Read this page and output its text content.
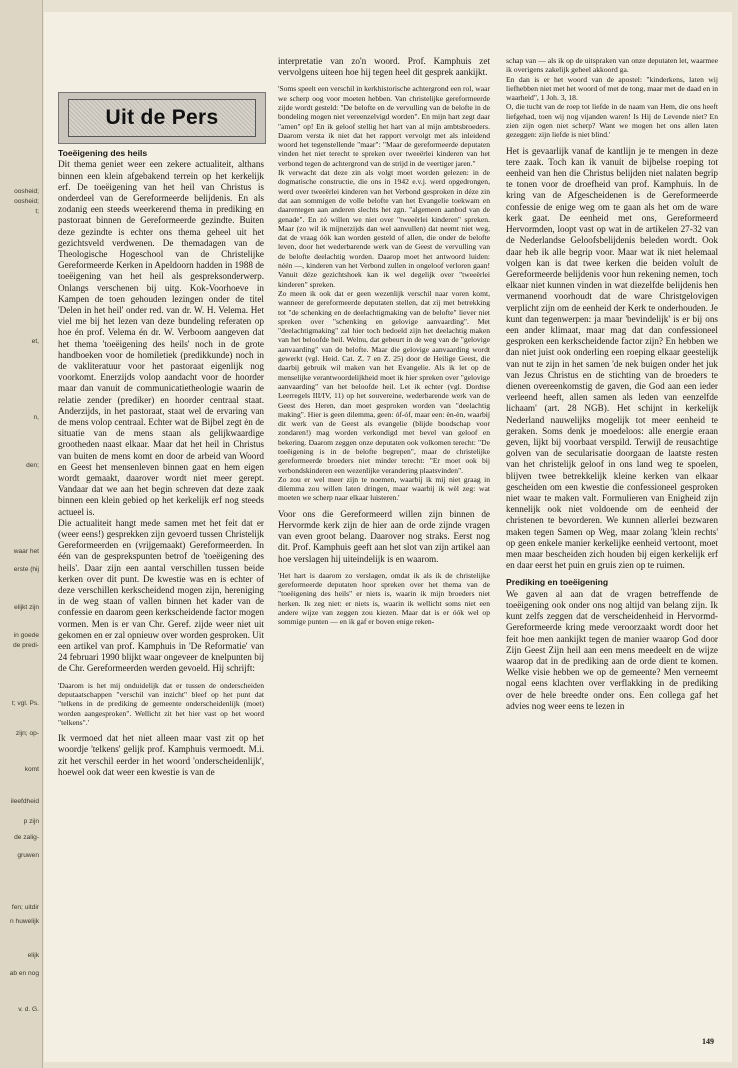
oosheid;
oosheid;
t;
et,
n,
den;
waar het
erste (hij
elijkt zijn
in goede
de predi-
t; vgl. Ps.
zijn; op-
komt
ileefdheid
p zijn
de zalig-
gruwen
fen; uitdir
n huwelijk
elijk
ab en nog
v. d. G.
Uit de Pers
Toeëigening des heils

Dit thema geniet weer een zekere actualiteit, althans binnen een klein afgebakend terrein op het kerkelijk erf. De toeëigening van het heil van Christus is onderdeel van de Gereformeerde belijdenis. En als zodanig een steeds weerkerend thema in prediking en pastoraat binnen de Gereformeerde gezindte. Buiten deze gezindte is echter ons thema geheel uit het gezichtsveld verdwenen. De themadagen van de Theologische Hogeschool van de Christelijke Gereformeerde Kerken in Apeldoorn hadden in 1988 de toeëigening van het heil als gespreksonderwerp. Onlangs verschenen bij uitg. Kok-Voorhoeve in Kampen de toen gehouden lezingen onder de titel 'Delen in het heil' onder red. van dr. W. H. Velema. Het viel me bij het lezen van deze bundeling referaten op hoe én prof. Velema én dr. W. Verboom aangeven dat het thema 'toeëigening des heils' noch in de grote handboeken voor de homiletiek (predikkunde) noch in de vakliteratuur voor het pastoraat eigenlijk nog voorkomt. Enerzijds volop aandacht voor de hoorder maar dan vanuit de communicatietheologie waarin de relatie zender (prediker) en hoorder centraal staat. Anderzijds, in het pastoraat, staat wel de ervaring van de mens volop centraal. Echter wat de Bijbel zegt èn de situatie van de mens staan als gelijkwaardige grootheden naast elkaar. Maar dat het heil in Christus van buiten de mens komt en door de arbeid van Woord en Geest het mensenleven binnen gaat en hem eigen wordt gemaakt, daarover wordt niet meer gerept. Vandaar dat we aan het begin schreven dat deze zaak binnen een klein gebied op het kerkelijk erf nog steeds actueel is.

Die actualiteit hangt mede samen met het feit dat er (weer eens!) gesprekken zijn gevoerd tussen Christelijk Gereformeerden en (vrijgemaakt) Gereformeerden. In één van de gesprekspunten betrof de 'toeëigening des heils'. Daar zijn een aantal verschillen tussen beide kerken over dit punt. De kwestie was en is echter of deze verschillen kerkscheidend mogen zijn, hereniging in de weg staan of vallen binnen het kader van de confessie en daarom geen kerkscheidende factor mogen vormen. Men is er van Chr. Geref. zijde weer niet uit gekomen en er zal opnieuw over worden gesproken. Uit een artikel van prof. Kamphuis in 'De Reformatie' van 24 februari 1990 blijkt waar ongeveer de knelpunten bij de Chr. Gereformeerden werden gevoeld. Hij schrijft:

'Daarom is het mij onduidelijk dat er tussen de onderscheiden deputaatschappen "verschil van inzicht" bleef op het punt dat "telkens in de prediking de gemeente onderscheidenlijk (moet) worden aangesproken". Wellicht zit het hier vast op het woord "telkens".'

Ik vermoed dat het niet alleen maar vast zit op het woordje 'telkens' gelijk prof. Kamphuis vermoedt. M.i. zit het verschil eerder in het woord 'onderscheidenlijk', hoewel ook dat weer een kwestie is van de

interpretatie van zo'n woord. Prof. Kamphuis zet vervolgens uiteen hoe hij tegen heel dit gesprek aankijkt.

'Soms speelt een verschil in kerkhistorische achtergrond een rol, waar we scherp oog voor moeten hebben. Van christelijke gereformeerde zijde wordt gesteld: "De belofte en de vervulling van de belofte in de bondeling mogen niet vereenzelvigd worden". En mijn hart zegt daar "amen" op! En ik geloof stellig het hart van al mijn ambtsbroeders. Daarom versta ik niet dat het rapport vervolgt met als inleidend woord het tegenstellende "maar": "Maar de gereformeerde deputaten vinden het niet terecht te spreken over tweeërlei kinderen van het verbond tegen de achtergrond van de strijd in de veertiger jaren."

Ik verwacht dat deze zin als volgt moet worden gelezen: in de dogmatische constructie, die ons in 1942 e.v.j. werd opgedrongen, werd over tweeërlei kinderen van het Verbond gesproken in déze zin dat aan sommigen de volle belofte van het Evangelie toekwam en daarentegen aan anderen slechts het zgn. "algemeen aanbod van de genade". En zó willen we niet over "tweeërlei kinderen" spreken. Maar (zo wil ik mijnerzijds dan wel aanvullen) dat neemt niet weg, dat de vraag óók kan worden gesteld of allen, die onder de belofte leven, door het wederbarende werk van de Geest de vervulling van de belofte deelachtig worden. Daarop moet het antwoord luiden: néén —, kinderen van het Verbond zullen in ongeloof verloren gaan! Vanuit déze gezichtshoek kan ik wel degelijk over "tweeërlei kinderen" spreken.

Zo meen ik ook dat er geen wezenlijk verschil naar voren komt, wanneer de gereformeerde deputaten stellen, dat zij met betrekking tot "de schenking en de deelachtigmaking van de belofte" liever niet spreken over "schenking en gelovige aanvaarding". Met "deelachtigmaking" zal hier toch bedoeld zijn het deelachtig maken van het beloofde heil. Welnu, dat gebeurt in de weg van de "gelovige aanvaarding" van de belofte. Maar die gelovige aanvaarding wordt gewerkt (vgl. Heid. Cat. Z. 7 en Z. 25) door de Heilige Geest, die daarbij gebruik wil maken van het Evangelie. Als ik let op de menselijke verantwoordelijkheid moet ik hier spreken over "gelovige aanvaarding" van het beloofde heil. Let ik echter (vgl. Dordtse Leerregels III/IV, 11) op het souvereine, wederbarende werk van de Geest des Heren, dan moet gesproken worden van "deelachtig making". Hier is geen dilemma, geen: óf-óf, maar een: èn-èn, waarbij dit werk van de Geest als evangelie (blijde boodschap voor zondaren!) mag worden verkondigd met bevel van geloof en bekering. Daarom zeggen onze deputaten ook volkomen terecht: "De toeëigening is in de belofte begrepen", maar de christelijke gereformeerde broeders niet minder terecht: "Er moet ook bij verbondskinderen een wezenlijke verandering plaatsvinden".

Zo zou er wel meer zijn te noemen, waarbij ik mij niet graag in dilemma zou willen laten dringen, maar waarbij ik wèl zeg: wat moeten we scherp naar elkaar luisteren.'

Voor ons die Gereformeerd willen zijn binnen de Hervormde kerk zijn de hier aan de orde zijnde vragen van even groot belang. Daarover nog straks. Eerst nog dit. Prof. Kamphuis geeft aan het slot van zijn artikel aan hoe verslagen hij uiteindelijk is en waarom.

'Het hart is daarom zo verslagen, omdat ik als ik de christelijke gereformeerde deputaten hoor spreken over het thema van de "toeëigening des heils" er niets is, waarin ik mijn broeders niet herken. Ik zeg niet: er niets is, waarin ik wellicht soms niet een andere wijze van zeggen zou kiezen. Maar dat is er óók wel op sommige punten — en ik gaf er boven enige reken-

schap van — als ik op de uitspraken van onze deputaten let, waarmee ik overigens zakelijk geheel akkoord ga.

En dan is er het woord van de apostel: "kinderkens, laten wij liefhebben niet met het woord of met de tong, maar met de daad en in waarheid", 1 Joh. 3, 18.

O, die tucht van de roep tot liefde in de naam van Hem, die ons heeft liefgehad, toen wij nog vijanden waren! Is Hij de Levende niet? En zien zijn ogen niet scherp? Want we mogen het ons allen laten gezeggen: zijn liefde is niet blind.'

Het is gevaarlijk vanaf de kantlijn je te mengen in deze tere zaak. Toch kan ik vanuit de bijbelse roeping tot eenheid van hen die Christus belijden niet nalaten begrip te tonen voor de droefheid van prof. Kamphuis. In de kring van de Afgescheidenen is de Gereformeerde confessie de enige weg om te gaan als het om de ware kerk gaat. De eenheid met ons, Gereformeerd Hervormden, loopt vast op wat in de artikelen 27-32 van de Nederlandse Geloofsbelijdenis beleden wordt. Ook daar heb ik alle begrip voor. Maar wat ik niet helemaal volgen kan is dat twee kerken die beiden volult de Gereformeerde belijdenis voor hun rekening nemen, toch elkaar niet kunnen vinden in wat diezelfde belijdenis hen vermanend voorhoudt dat de ware Christgelovigen verplicht zijn om de eenheid der Kerk te onderhouden. Je kunt dan tegenwerpen: ja maar 'bevindelijk' is er bij ons een ander klimaat, maar mag dat dan confessioneel gesproken een kerkscheidende factor zijn? En hebben we dan niet juist ook onderling een roeping elkaar geestelijk van nut te zijn in het samen 'de nek buigen onder het juk van Jezus Christus en de stichting van de broeders te dienen overeenkomstig de gaven, die God aan een ieder verleend heeft, allen samen als leden van eenzelfde lichaam' (art. 28 NGB). Het schijnt in kerkelijk Nederland nauwelijks mogelijk tot meer eenheid te geraken. Soms denk je moedeloos: alle energie eraan geven, lijkt bij voorbaat verspild. Terwijl de reusachtige golven van de secularisatie doorgaan de laatste resten van het christelijk geloof in ons land weg te spoelen, blijven twee betrekkelijk kleine kerken van elkaar gescheiden om een kwestie die confessioneel gesproken niet waar te maken valt. Formulieren van Enigheid zijn kennelijk ook niet voldoende om de eenheid der christenen te bevorderen. We kunnen allerlei bezwaren maken tegen Samen op Weg, maar zolang 'klein rechts' op geen enkele manier kerkelijke eenheid vertoont, moet men maar bescheiden zich houden bij eigen kerkelijk erf en daar eerst het puin en gruis zien op te ruimen.

Prediking en toeëigening

We gaven al aan dat de vragen betreffende de toeëigening ook onder ons nog altijd van belang zijn. Ik kunt zelfs zeggen dat de verscheidenheid in Hervormd-Gereformeerde kring mede veroorzaakt wordt door het feit hoe men aankijkt tegen de manier waarop God door Zijn Geest Zijn heil aan een mens meedeelt en de wijze waarop dat in de prediking aan de orde dient te komen. Welke visie hebben we op de gemeente? Men verneemt nogal eens klachten over verflakking in de prediking over de hele breedte onder ons. Een collega gaf het advies nog weer eens te lezen in

149
